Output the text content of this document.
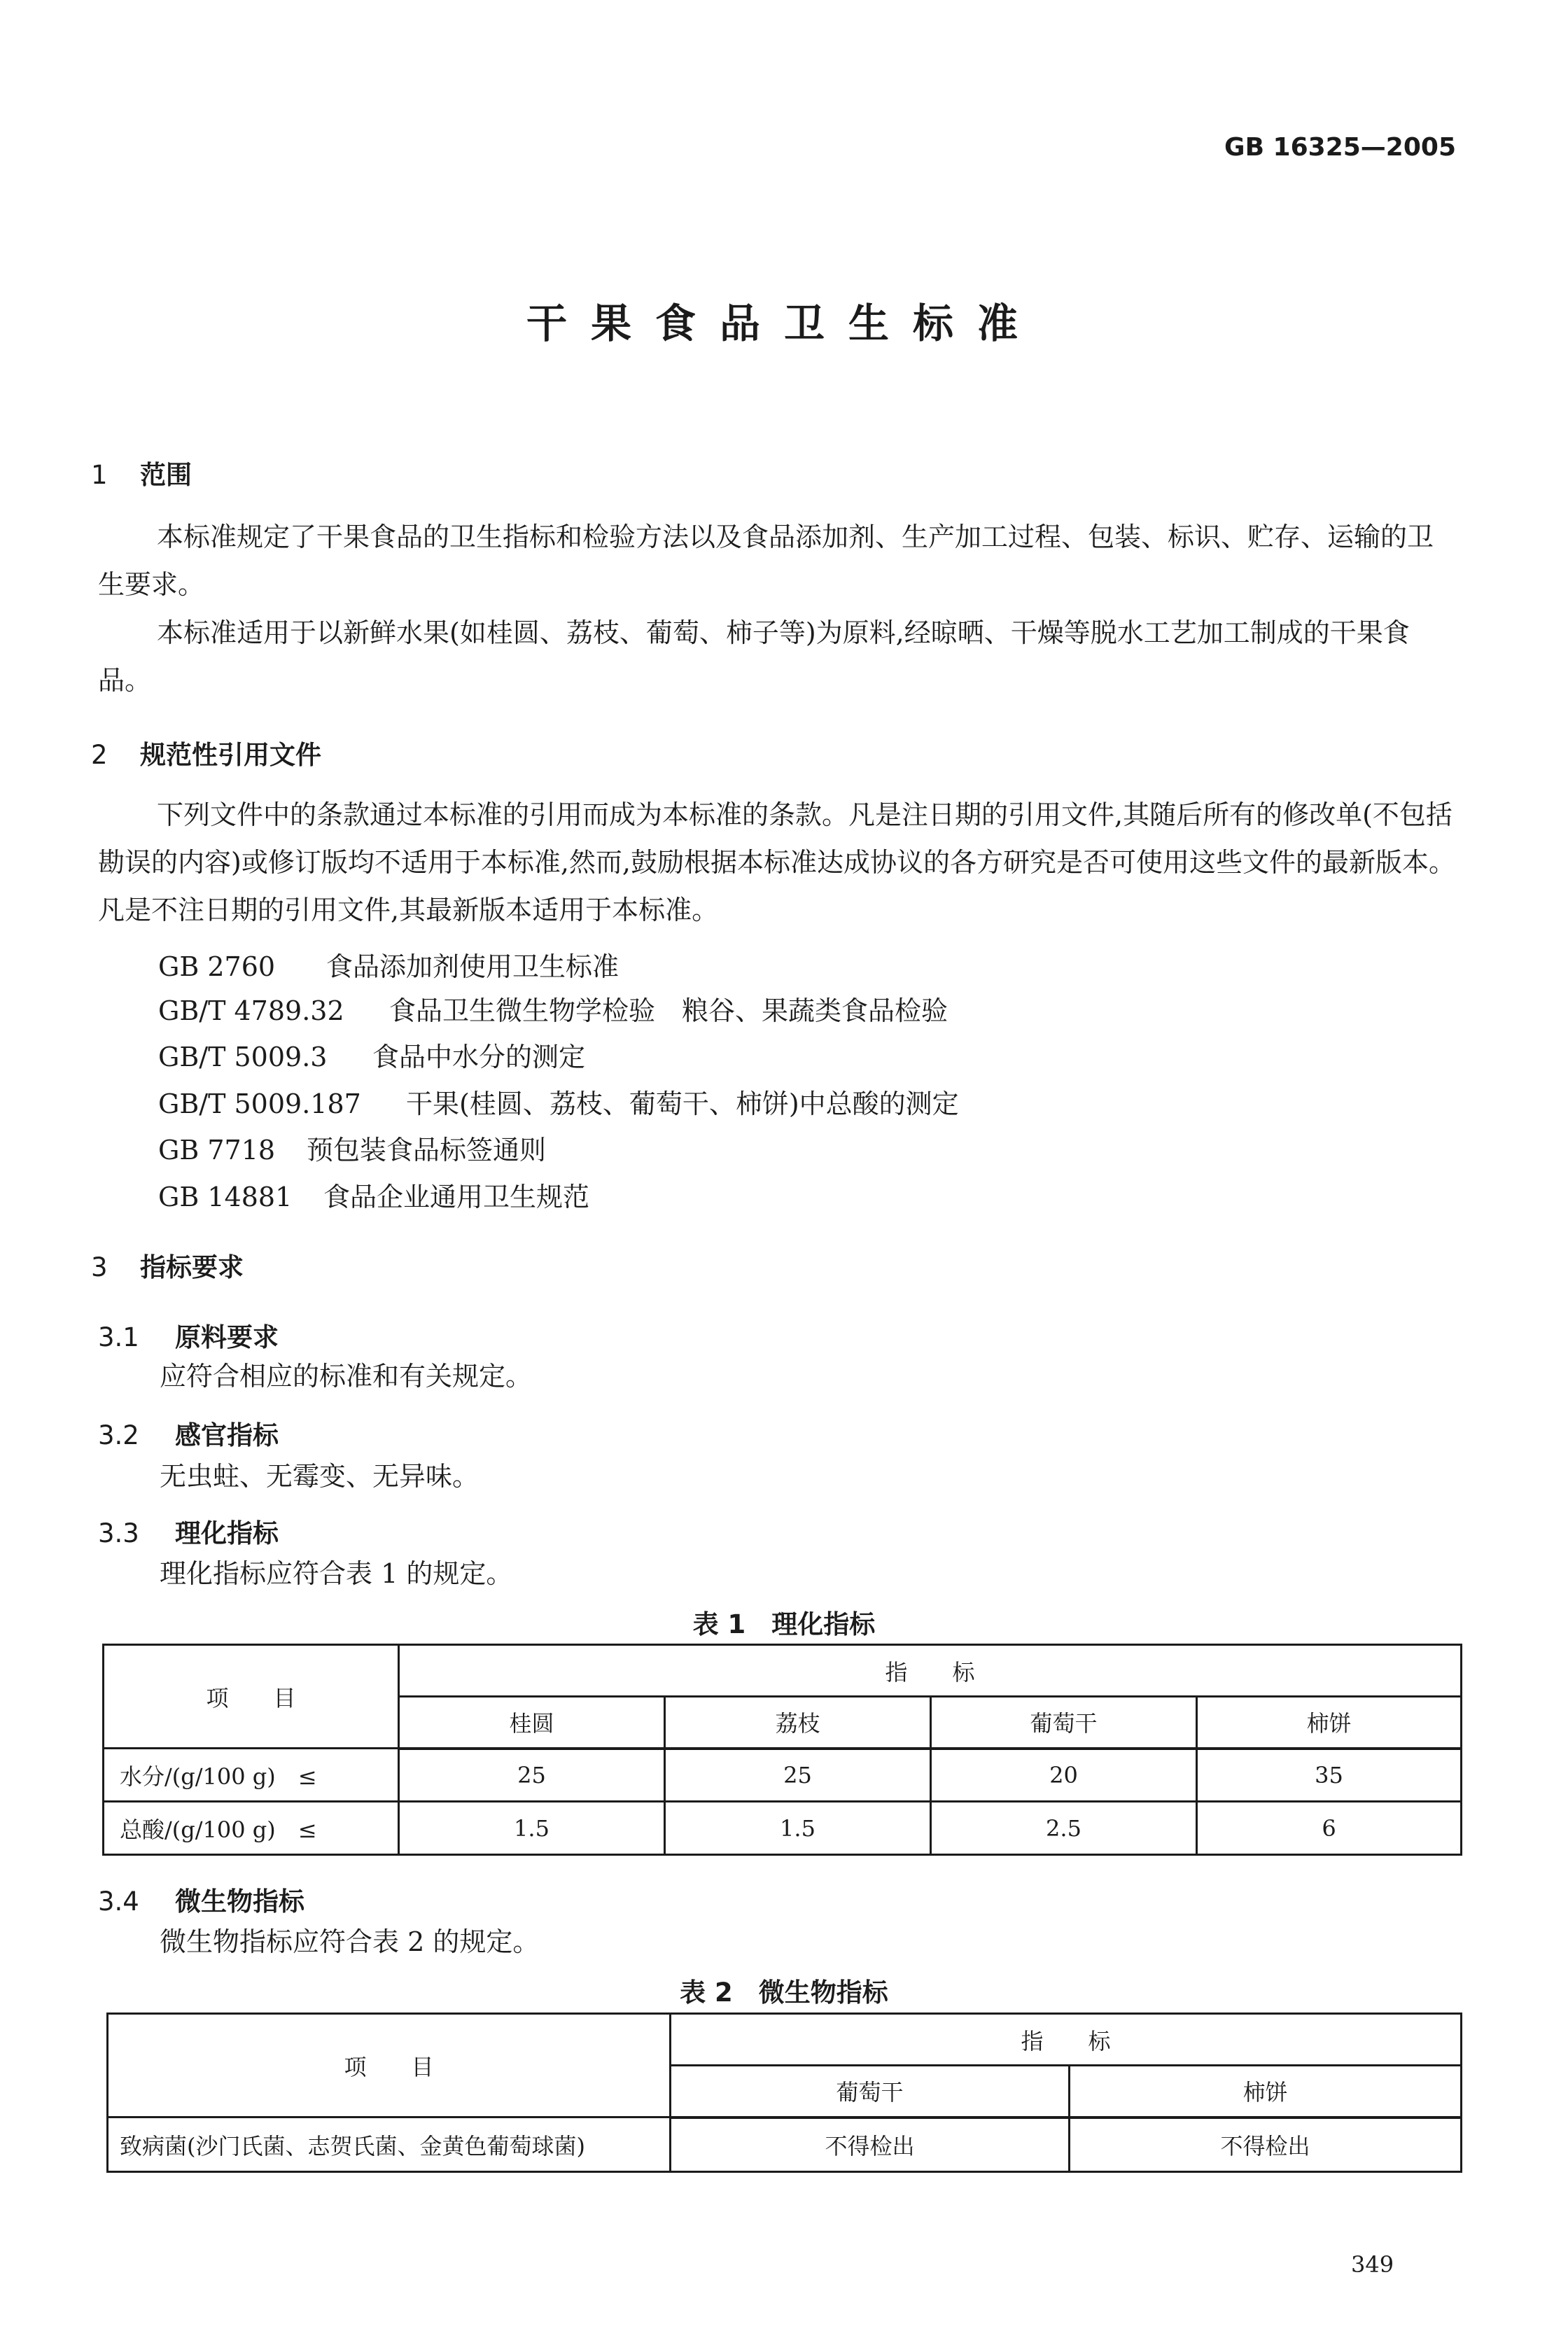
GB 16325—2005
干果食品卫生标准
1 范围
本标准规定了干果食品的卫生指标和检验方法以及食品添加剂、生产加工过程、包装、标识、贮存、运输的卫生要求。
本标准适用于以新鲜水果(如桂圆、荔枝、葡萄、柿子等)为原料,经晾晒、干燥等脱水工艺加工制成的干果食品。
2 规范性引用文件
下列文件中的条款通过本标准的引用而成为本标准的条款。凡是注日期的引用文件,其随后所有的修改单(不包括勘误的内容)或修订版均不适用于本标准,然而,鼓励根据本标准达成协议的各方研究是否可使用这些文件的最新版本。凡是不注日期的引用文件,其最新版本适用于本标准。
GB 2760 食品添加剂使用卫生标准
GB/T 4789.32 食品卫生微生物学检验　粮谷、果蔬类食品检验
GB/T 5009.3 食品中水分的测定
GB/T 5009.187 干果(桂圆、荔枝、葡萄干、柿饼)中总酸的测定
GB 7718 预包装食品标签通则
GB 14881 食品企业通用卫生规范
3 指标要求
3.1 原料要求
应符合相应的标准和有关规定。
3.2 感官指标
无虫蛀、无霉变、无异味。
3.3 理化指标
理化指标应符合表 1 的规定。
表 1　理化指标
项　　目	指　　标			
	桂圆	荔枝	葡萄干	柿饼
水分/(g/100 g)　≤	25	25	20	35
总酸/(g/100 g)　≤	1.5	1.5	2.5	6
3.4 微生物指标
微生物指标应符合表 2 的规定。
表 2　微生物指标
项　　目	指　　标	
	葡萄干	柿饼
致病菌(沙门氏菌、志贺氏菌、金黄色葡萄球菌)	不得检出	不得检出
349
